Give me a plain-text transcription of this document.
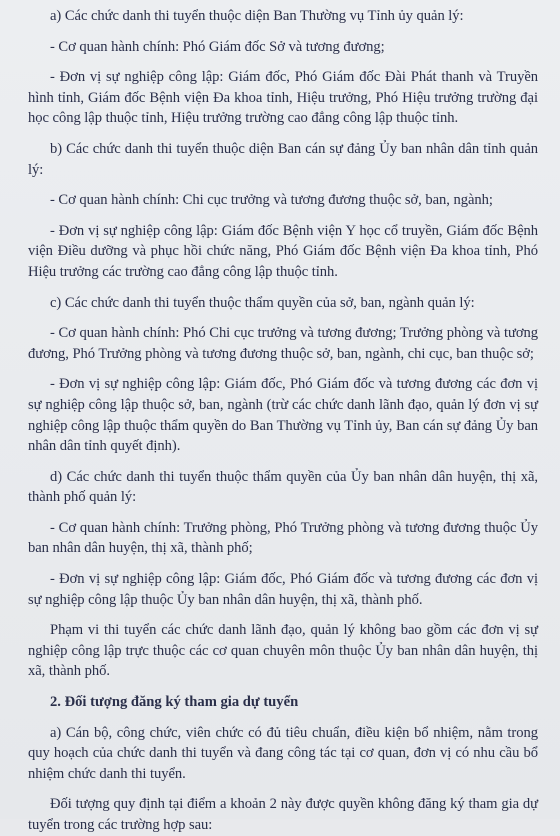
a) Các chức danh thi tuyển thuộc diện Ban Thường vụ Tỉnh ủy quản lý:

- Cơ quan hành chính: Phó Giám đốc Sở và tương đương;

- Đơn vị sự nghiệp công lập: Giám đốc, Phó Giám đốc Đài Phát thanh và Truyền hình tỉnh, Giám đốc Bệnh viện Đa khoa tỉnh, Hiệu trưởng, Phó Hiệu trưởng trường đại học công lập thuộc tỉnh, Hiệu trưởng trường cao đẳng công lập thuộc tỉnh.

b) Các chức danh thi tuyển thuộc diện Ban cán sự đảng Ủy ban nhân dân tỉnh quản lý:

- Cơ quan hành chính: Chi cục trưởng và tương đương thuộc sở, ban, ngành;

- Đơn vị sự nghiệp công lập: Giám đốc Bệnh viện Y học cổ truyền, Giám đốc Bệnh viện Điều dưỡng và phục hồi chức năng, Phó Giám đốc Bệnh viện Đa khoa tỉnh, Phó Hiệu trưởng các trường cao đẳng công lập thuộc tỉnh.

c) Các chức danh thi tuyển thuộc thẩm quyền của sở, ban, ngành quản lý:

- Cơ quan hành chính: Phó Chi cục trưởng và tương đương; Trưởng phòng và tương đương, Phó Trưởng phòng và tương đương thuộc sở, ban, ngành, chi cục, ban thuộc sở;

- Đơn vị sự nghiệp công lập: Giám đốc, Phó Giám đốc và tương đương các đơn vị sự nghiệp công lập thuộc sở, ban, ngành (trừ các chức danh lãnh đạo, quản lý đơn vị sự nghiệp công lập thuộc thẩm quyền do Ban Thường vụ Tỉnh ủy, Ban cán sự đảng Ủy ban nhân dân tỉnh quyết định).

d) Các chức danh thi tuyển thuộc thẩm quyền của Ủy ban nhân dân huyện, thị xã, thành phố quản lý:

- Cơ quan hành chính: Trưởng phòng, Phó Trưởng phòng và tương đương thuộc Ủy ban nhân dân huyện, thị xã, thành phố;

- Đơn vị sự nghiệp công lập: Giám đốc, Phó Giám đốc và tương đương các đơn vị sự nghiệp công lập thuộc Ủy ban nhân dân huyện, thị xã, thành phố.

Phạm vi thi tuyển các chức danh lãnh đạo, quản lý không bao gồm các đơn vị sự nghiệp công lập trực thuộc các cơ quan chuyên môn thuộc Ủy ban nhân dân huyện, thị xã, thành phố.

2. Đối tượng đăng ký tham gia dự tuyển

a) Cán bộ, công chức, viên chức có đủ tiêu chuẩn, điều kiện bổ nhiệm, nằm trong quy hoạch của chức danh thi tuyển và đang công tác tại cơ quan, đơn vị có nhu cầu bổ nhiệm chức danh thi tuyển.

Đối tượng quy định tại điểm a khoản 2 này được quyền không đăng ký tham gia dự tuyển trong các trường hợp sau:
